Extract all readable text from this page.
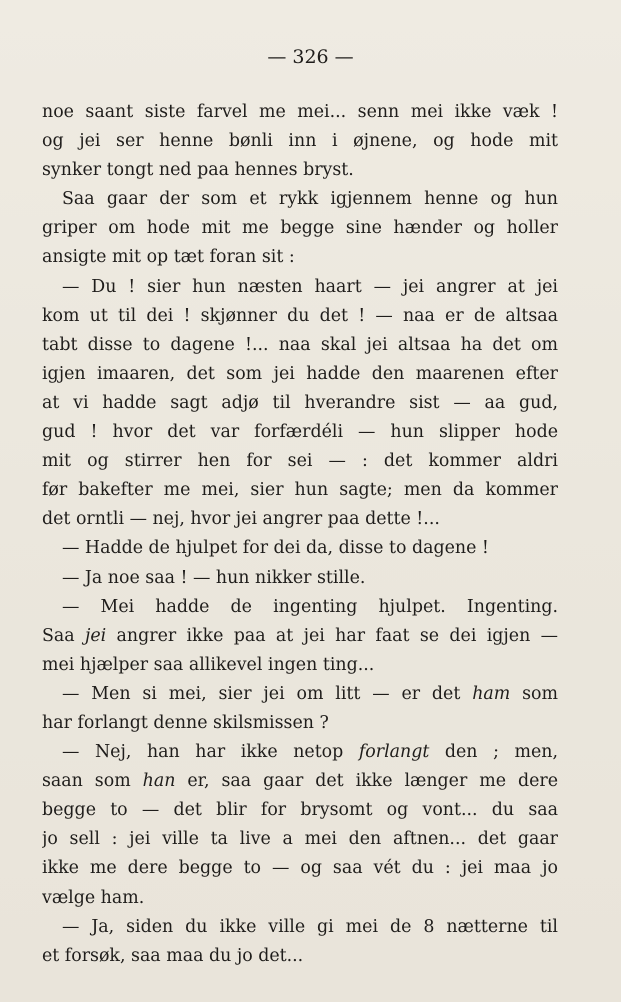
— 326 —
noe saant siste farvel me mei... senn mei ikke væk !
og jei ser henne bønli inn i øjnene, og hode mit
synker tongt ned paa hennes bryst.
Saa gaar der som et rykk igjennem henne og hun
griper om hode mit me begge sine hænder og holler
ansigte mit op tæt foran sit :
— Du ! sier hun næsten haart — jei angrer at jei
kom ut til dei ! skjønner du det ! — naa er de altsaa
tabt disse to dagene !... naa skal jei altsaa ha det om
igjen imaaren, det som jei hadde den maarenen efter
at vi hadde sagt adjø til hverandre sist — aa gud,
gud ! hvor det var forfærdéli — hun slipper hode
mit og stirrer hen for sei — : det kommer aldri
før bakefter me mei, sier hun sagte; men da kommer
det orntli — nej, hvor jei angrer paa dette !...
— Hadde de hjulpet for dei da, disse to dagene !
— Ja noe saa ! — hun nikker stille.
— Mei hadde de ingenting hjulpet. Ingenting.
Saa jei angrer ikke paa at jei har faat se dei igjen —
mei hjælper saa allikevel ingen ting...
— Men si mei, sier jei om litt — er det ham som
har forlangt denne skilsmissen ?
— Nej, han har ikke netop forlangt den ; men,
saan som han er, saa gaar det ikke længer me dere
begge to — det blir for brysomt og vont... du saa
jo sell : jei ville ta live a mei den aftnen... det gaar
ikke me dere begge to — og saa vét du : jei maa jo
vælge ham.
— Ja, siden du ikke ville gi mei de 8 nætterne til
et forsøk, saa maa du jo det...
